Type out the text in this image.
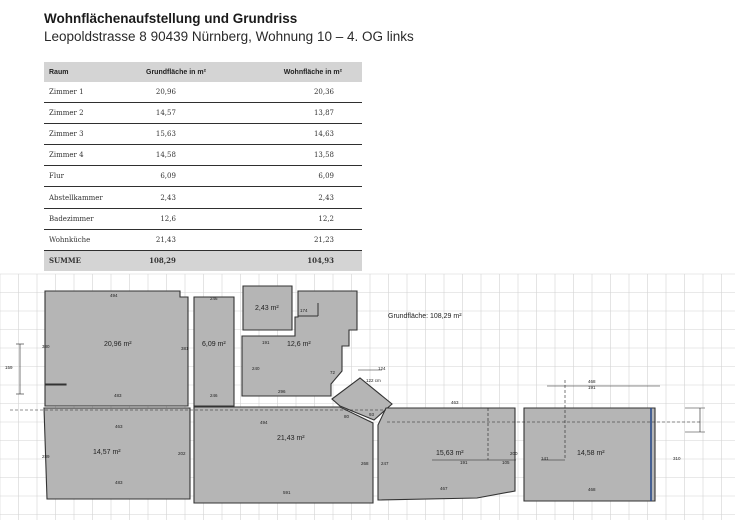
Wohnflächenaufstellung und Grundriss
Leopoldstrasse 8 90439 Nürnberg, Wohnung 10 – 4. OG links
Raum	Grundfläche in m²	Wohnfläche in m²
Zimmer 1	20,96	20,36
Zimmer 2	14,57	13,87
Zimmer 3	15,63	14,63
Zimmer 4	14,58	13,58
Flur	6,09	6,09
Abstellkammer	2,43	2,43
Badezimmer	12,6	12,2
Wohnküche	21,43	21,23
SUMME	108,29	104,93
20,96 m²	6,09 m²
2,43 m²
12,6 m²
14,57 m²
21,43 m²
15,63 m²	14,58 m²
Grundfläche: 108,29 m²
494
483
463
483
246
246
494
591
191
296
122 cm
124
93
80
463
191	105
467
468
191
141
468
159
380
289	310
268	247
240
174
72
202
381
200
